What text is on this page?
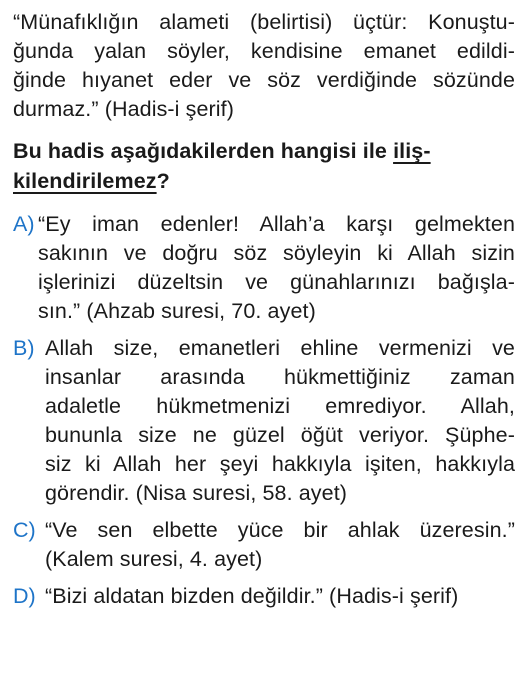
“Münafıklığın alameti (belirtisi) üçtür: Konuştu-
ğunda yalan söyler, kendisine emanet edildi-
ğinde hıyanet eder ve söz verdiğinde sözünde
durmaz.” (Hadis-i şerif)
Bu hadis aşağıdakilerden hangisi ile iliş-
kilendirilemez?
A) “Ey iman edenler! Allah’a karşı gelmekten
sakının ve doğru söz söyleyin ki Allah sizin
işlerinizi düzeltsin ve günahlarınızı bağışla-
sın.” (Ahzab suresi, 70. ayet)
B) Allah size, emanetleri ehline vermenizi ve
insanlar arasında hükmettiğiniz zaman
adaletle hükmetmenizi emrediyor. Allah,
bununla size ne güzel öğüt veriyor. Şüphe-
siz ki Allah her şeyi hakkıyla işiten, hakkıyla
görendir. (Nisa suresi, 58. ayet)
C) “Ve sen elbette yüce bir ahlak üzeresin.”
(Kalem suresi, 4. ayet)
D) “Bizi aldatan bizden değildir.” (Hadis-i şerif)
